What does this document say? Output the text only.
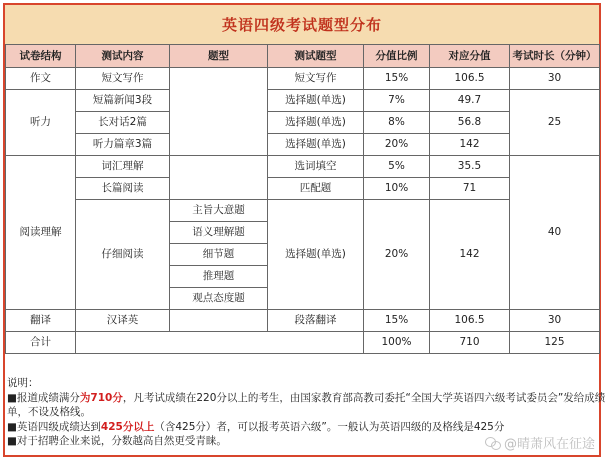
英语四级考试题型分布
试卷结构	测试内容	题型	测试题型	分值比例	对应分值	考试时长（分钟）
作文	短文写作		短文写作	15%	106.5	30
听力	短篇新闻3段		选择题(单选)	7%	49.7	25
	长对话2篇		选择题(单选)	8%	56.8	
	听力篇章3篇		选择题(单选)	20%	142	
阅读理解	词汇理解		选词填空	5%	35.5	40
	长篇阅读		匹配题	10%	71	
	仔细阅读	主旨大意题	选择题(单选)	20%	142	
		语义理解题				
		细节题				
		推理题				
		观点态度题				
翻译	汉译英		段落翻译	15%	106.5	30
合计				100%	710	125
说明：
■报道成绩满分为710分，凡考试成绩在220分以上的考生，由国家教育部高教司委托“全国大学英语四六级考试委员会”发给成绩
单，不设及格线。
■英语四级成绩达到425分以上（含425分）者，可以报考英语六级”。一般认为英语四级的及格线是425分
■对于招聘企业来说，分数越高自然更受青睐。	@晴萧风在征途
